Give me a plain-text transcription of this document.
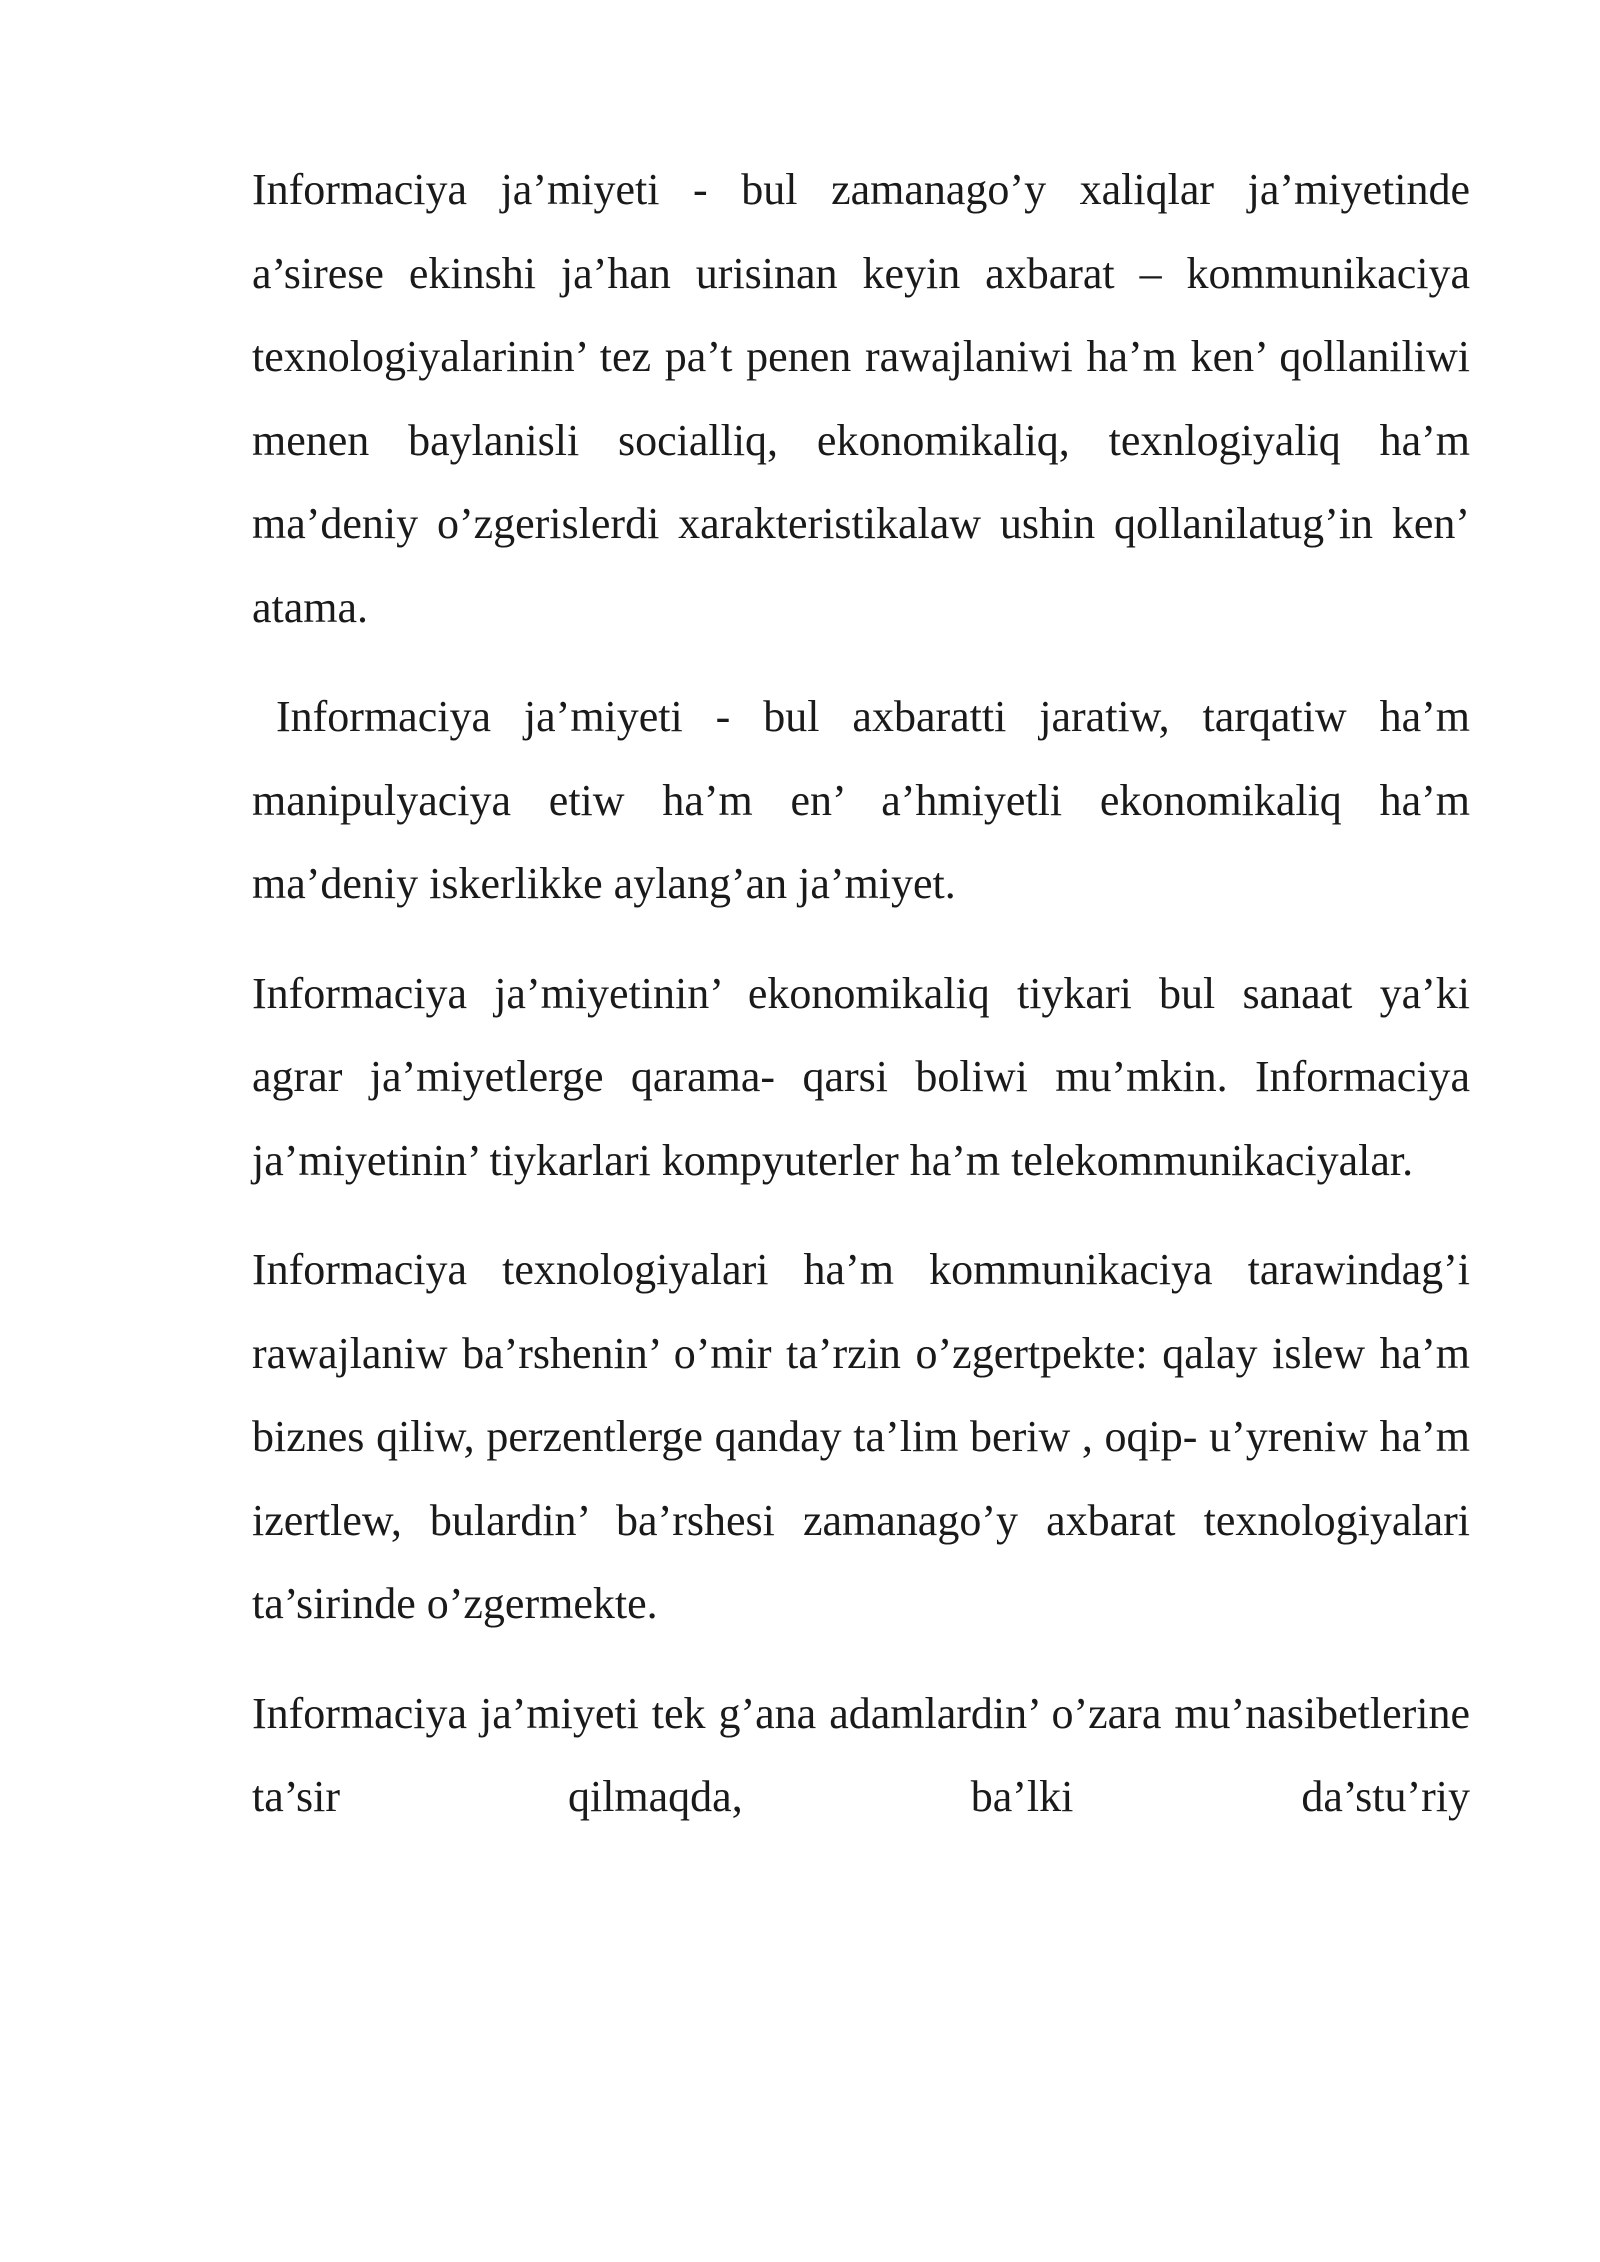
Informaciya ja’miyeti - bul zamanago’y xaliqlar ja’miyetinde a’sirese ekinshi ja’han urisinan keyin axbarat – kommunikaciya texnologiyalarinin’ tez pa’t penen rawajlaniwi ha’m ken’ qollaniliwi menen baylanisli socialliq, ekonomikaliq, texnlogiyaliq ha’m ma’deniy o’zgerislerdi xarakteristikalaw ushin qollanilatug’in ken’ atama.

Informaciya ja’miyeti - bul axbaratti jaratiw, tarqatiw ha’m manipulyaciya etiw ha’m en’ a’hmiyetli ekonomikaliq ha’m ma’deniy iskerlikke aylang’an ja’miyet.

Informaciya ja’miyetinin’ ekonomikaliq tiykari bul sanaat ya’ki agrar ja’miyetlerge qarama- qarsi boliwi mu’mkin. Informaciya ja’miyetinin’ tiykarlari kompyuterler ha’m telekommunikaciyalar.

Informaciya texnologiyalari ha’m kommunikaciya tarawindag’i rawajlaniw ba’rshenin’ o’mir ta’rzin o’zgertpekte: qalay islew ha’m biznes qiliw, perzentlerge qanday ta’lim beriw , oqip- u’yreniw ha’m izertlew, bulardin’ ba’rshesi zamanago’y axbarat texnologiyalari ta’sirinde o’zgermekte.

Informaciya ja’miyeti tek g’ana adamlardin’ o’zara mu’nasibetlerine ta’sir qilmaqda, ba’lki da’stu’riy
